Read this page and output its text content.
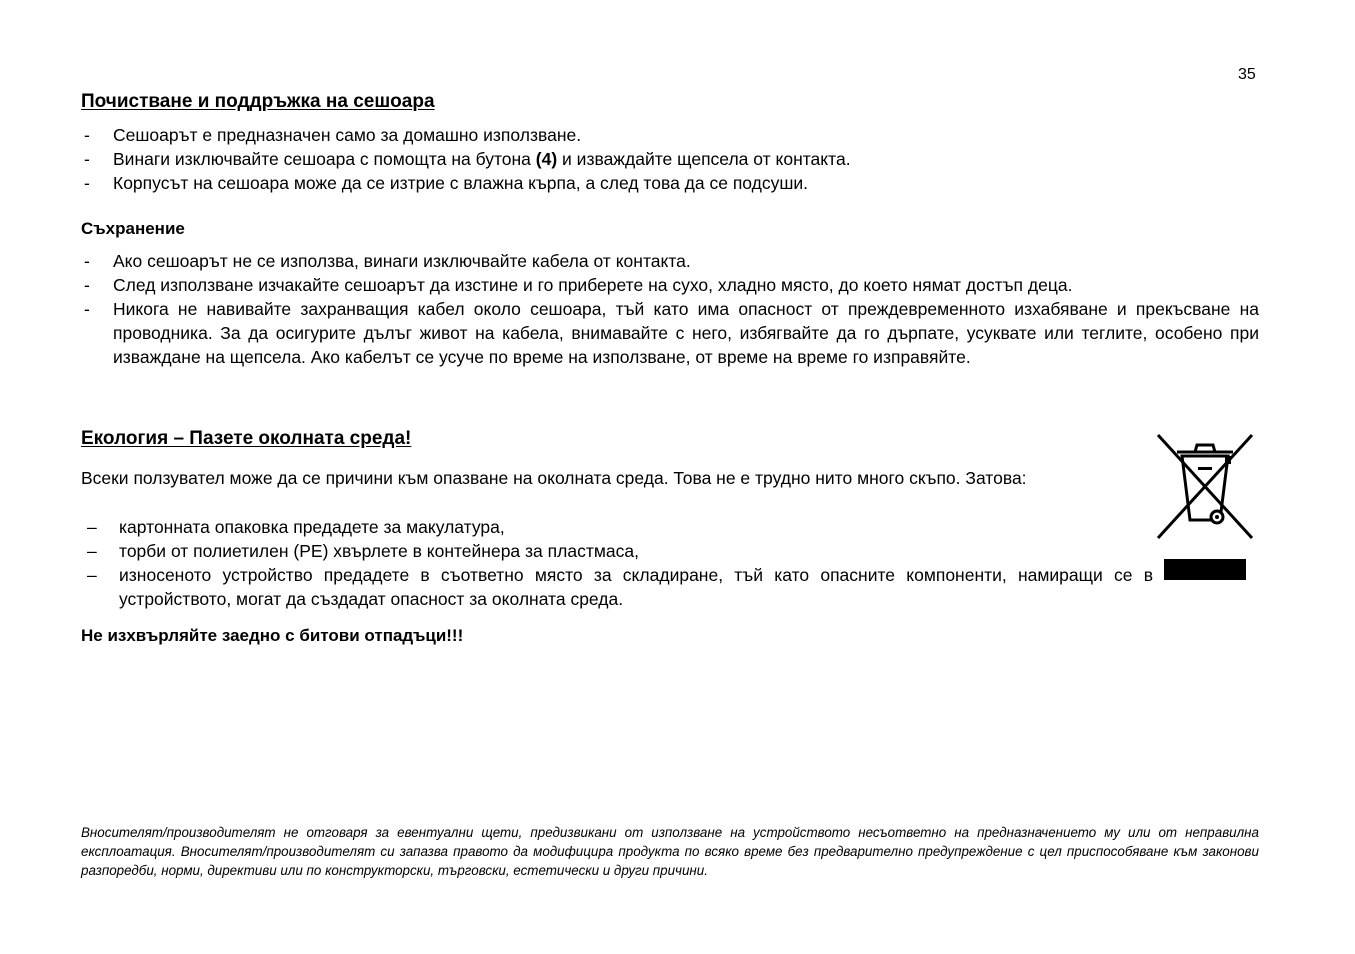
35
Почистване и поддръжка на сешоара
- Сешоарът е предназначен само за домашно използване.
- Винаги изключвайте сешоара с помощта на бутона (4) и изваждайте щепсела от контакта.
- Корпусът на сешоара може да се изтрие с влажна кърпа, а след това да се подсуши.
Съхранение
- Ако сешоарът не се използва, винаги изключвайте кабела от контакта.
- След използване изчакайте сешоарът да изстине и го приберете на сухо, хладно място, до което нямат достъп деца.
- Никога не навивайте захранващия кабел около сешоара, тъй като има опасност от преждевременното изхабяване и прекъсване на проводника. За да осигурите дълъг живот на кабела, внимавайте с него, избягвайте да го дърпате, усуквате или теглите, особено при изваждане на щепсела. Ако кабелът се усуче по време на използване, от време на време го изправяйте.
Екология – Пазете околната среда!

Всеки ползувател може да се причини към опазване на околната среда. Това не е трудно нито много скъпо. Затова:

– картонната опаковка предадете за макулатура,
– торби от полиетилен (PE) хвърлете в контейнера за пластмаса,
– износеното устройство предадете в съответно място за складиране, тъй като опасните компоненти, намиращи се в устройството, могат да създадат опасност за околната среда.

Не изхвърляйте заедно с битови отпадъци!!!

Вносителят/производителят не отговаря за евентуални щети, предизвикани от използване на устройството несъответно на предназначението му или от неправилна експлоатация. Вносителят/производителят си запазва правото да модифицира продукта по всяко време без предварително предупреждение с цел приспособяване към законови разпоредби, норми, директиви или по конструкторски, търговски, естетически и други причини.
